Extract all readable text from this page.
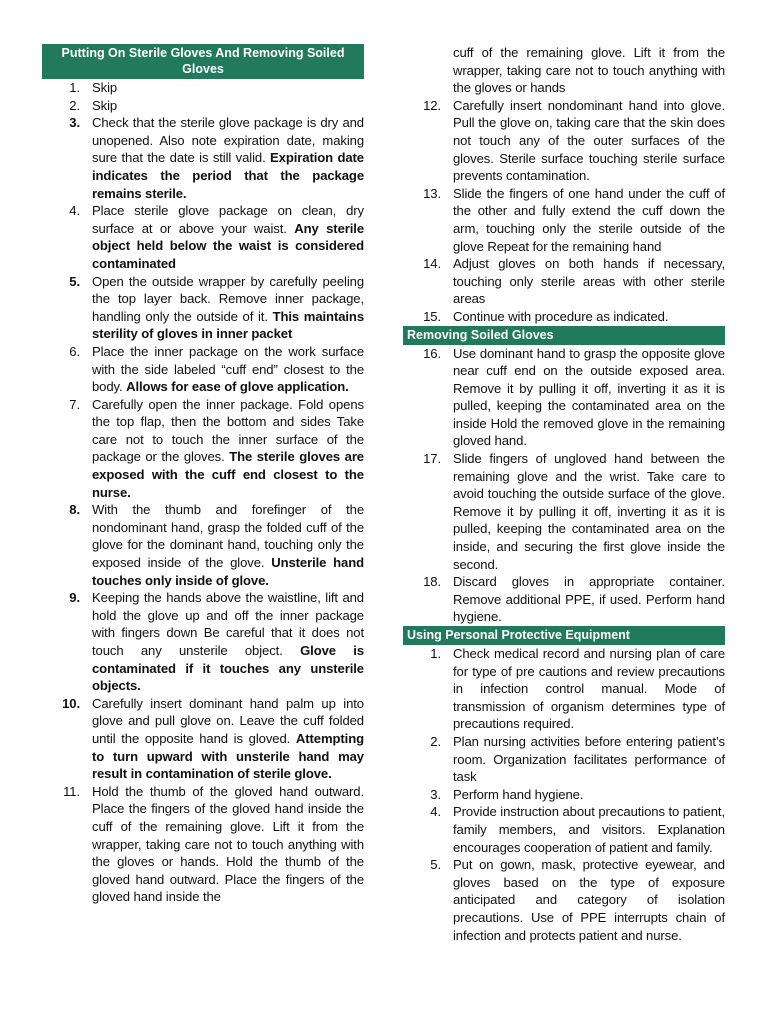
Putting On Sterile Gloves And Removing Soiled Gloves
1. Skip
2. Skip
3. Check that the sterile glove package is dry and unopened. Also note expiration date, making sure that the date is still valid. Expiration date indicates the period that the package remains sterile.
4. Place sterile glove package on clean, dry surface at or above your waist. Any sterile object held below the waist is considered contaminated
5. Open the outside wrapper by carefully peeling the top layer back. Remove inner package, handling only the outside of it. This maintains sterility of gloves in inner packet
6. Place the inner package on the work surface with the side labeled “cuff end” closest to the body. Allows for ease of glove application.
7. Carefully open the inner package. Fold opens the top flap, then the bottom and sides Take care not to touch the inner surface of the package or the gloves. The sterile gloves are exposed with the cuff end closest to the nurse.
8. With the thumb and forefinger of the nondominant hand, grasp the folded cuff of the glove for the dominant hand, touching only the exposed inside of the glove. Unsterile hand touches only inside of glove.
9. Keeping the hands above the waistline, lift and hold the glove up and off the inner package with fingers down Be careful that it does not touch any unsterile object. Glove is contaminated if it touches any unsterile objects.
10. Carefully insert dominant hand palm up into glove and pull glove on. Leave the cuff folded until the opposite hand is gloved. Attempting to turn upward with unsterile hand may result in contamination of sterile glove.
11. Hold the thumb of the gloved hand outward. Place the fingers of the gloved hand inside the cuff of the remaining glove. Lift it from the wrapper, taking care not to touch anything with the gloves or hands. Hold the thumb of the gloved hand outward. Place the fingers of the gloved hand inside the
cuff of the remaining glove. Lift it from the wrapper, taking care not to touch anything with the gloves or hands
12. Carefully insert nondominant hand into glove. Pull the glove on, taking care that the skin does not touch any of the outer surfaces of the gloves. Sterile surface touching sterile surface prevents contamination.
13. Slide the fingers of one hand under the cuff of the other and fully extend the cuff down the arm, touching only the sterile outside of the glove Repeat for the remaining hand
14. Adjust gloves on both hands if necessary, touching only sterile areas with other sterile areas
15. Continue with procedure as indicated.
Removing Soiled Gloves
16. Use dominant hand to grasp the opposite glove near cuff end on the outside exposed area. Remove it by pulling it off, inverting it as it is pulled, keeping the contaminated area on the inside Hold the removed glove in the remaining gloved hand.
17. Slide fingers of ungloved hand between the remaining glove and the wrist. Take care to avoid touching the outside surface of the glove. Remove it by pulling it off, inverting it as it is pulled, keeping the contaminated area on the inside, and securing the first glove inside the second.
18. Discard gloves in appropriate container. Remove additional PPE, if used. Perform hand hygiene.
Using Personal Protective Equipment
1. Check medical record and nursing plan of care for type of pre cautions and review precautions in infection control manual. Mode of transmission of organism determines type of precautions required.
2. Plan nursing activities before entering patient’s room. Organization facilitates performance of task
3. Perform hand hygiene.
4. Provide instruction about precautions to patient, family members, and visitors. Explanation encourages cooperation of patient and family.
5. Put on gown, mask, protective eyewear, and gloves based on the type of exposure anticipated and category of isolation precautions. Use of PPE interrupts chain of infection and protects patient and nurse.
